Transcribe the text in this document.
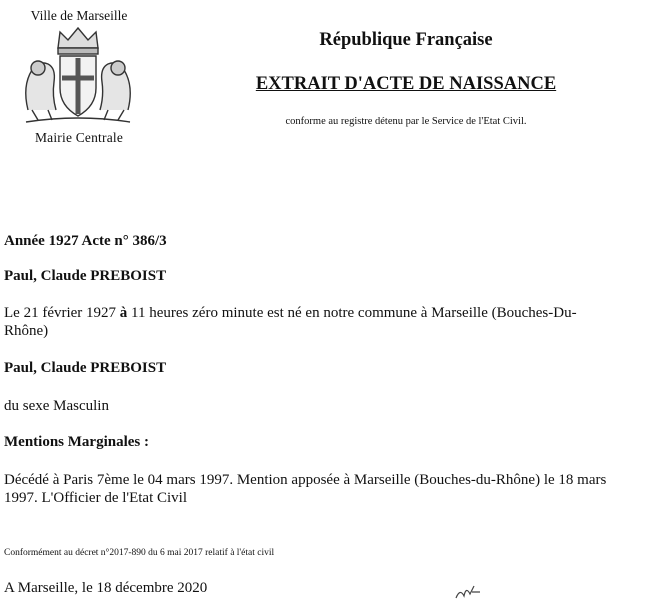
Ville de Marseille
Mairie Centrale
République Française
EXTRAIT D'ACTE DE NAISSANCE
conforme au registre détenu par le Service de l'Etat Civil.
Année 1927 Acte n° 386/3
Paul, Claude PREBOIST
Le 21 février 1927 à 11 heures zéro minute est né en notre commune à Marseille (Bouches-Du-
Rhône)
Paul, Claude PREBOIST
du sexe Masculin
Mentions Marginales :
Décédé à Paris 7ème le 04 mars 1997. Mention apposée à Marseille (Bouches-du-Rhône) le 18 mars
1997. L'Officier de l'Etat Civil
Conformément au décret n°2017-890 du 6 mai 2017 relatif à l'état civil
A Marseille, le 18 décembre 2020
